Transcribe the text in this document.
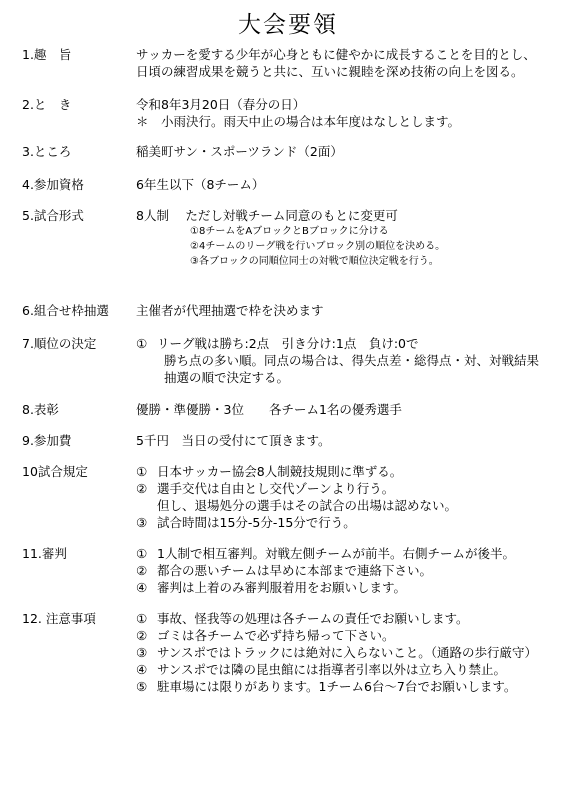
大会要領
1.趣　旨	サッカーを愛する少年が心身ともに健やかに成長することを目的とし、
日頃の練習成果を競うと共に、互いに親睦を深め技術の向上を図る。
2.と　き	令和8年3月20日（春分の日）
＊　小雨決行。雨天中止の場合は本年度はなしとします。
3.ところ	稲美町サン・スポーツランド（2面）
4.参加資格	6年生以下（8チーム）
5.試合形式	8人制　 ただし対戦チーム同意のもとに変更可
①8チームをAブロックとBブロックに分ける
②4チームのリーグ戦を行いブロック別の順位を決める。
③各ブロックの同順位同士の対戦で順位決定戦を行う。
6.組合せ枠抽選 主催者が代理抽選で枠を決めます
7.順位の決定	① リーグ戦は勝ち:2点　引き分け:1点　負け:0で
勝ち点の多い順。同点の場合は、得失点差・総得点・対、対戦結果
抽選の順で決定する。
8.表彰	優勝・準優勝・3位　　各チーム1名の優秀選手
9.参加費	5千円　当日の受付にて頂きます。
10試合規定	① 日本サッカー協会8人制競技規則に準ずる。
② 選手交代は自由とし交代ゾーンより行う。
但し、退場処分の選手はその試合の出場は認めない。
③ 試合時間は15分-5分-15分で行う。
11.審判	① 1人制で相互審判。対戦左側チームが前半。右側チームが後半。
② 都合の悪いチームは早めに本部まで連絡下さい。
④ 審判は上着のみ審判服着用をお願いします。
12. 注意事項	① 事故、怪我等の処理は各チームの責任でお願いします。
② ゴミは各チームで必ず持ち帰って下さい。
③ サンスポではトラックには絶対に入らないこと。（通路の歩行厳守）
④ サンスポでは隣の昆虫館には指導者引率以外は立ち入り禁止。
⑤ 駐車場には限りがあります。1チーム6台～7台でお願いします。
